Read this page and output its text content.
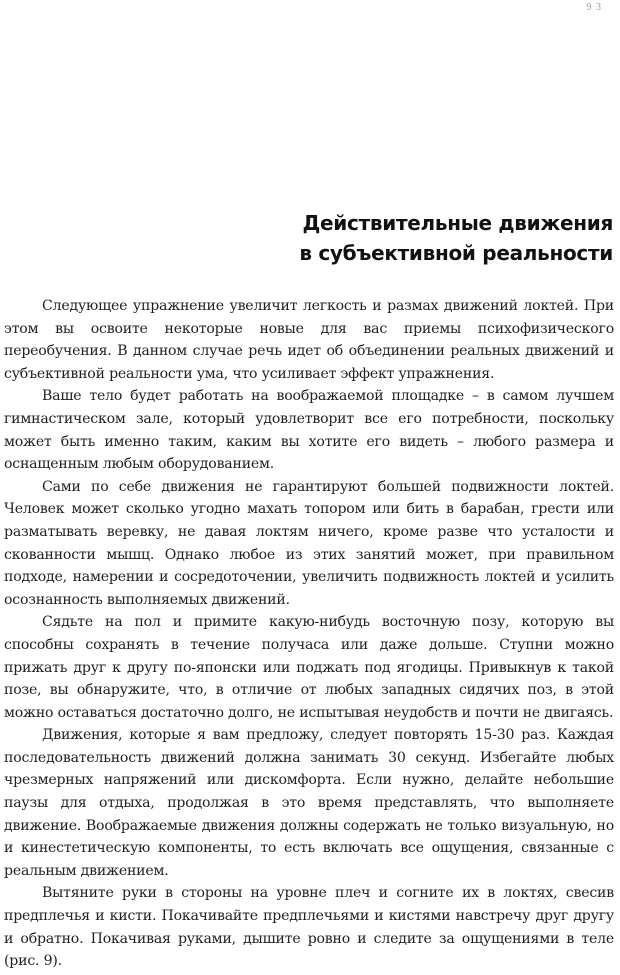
9 3
Действительные движения
в субъективной реальности

Следующее упражнение увеличит легкость и размах движений локтей. При этом вы освоите некоторые новые для вас приемы психофизического переобучения. В данном случае речь идет об объединении реальных движений и субъективной реальности ума, что усиливает эффект упражнения.

Ваше тело будет работать на воображаемой площадке – в самом лучшем гимнастическом зале, который удовлетворит все его потребности, поскольку может быть именно таким, каким вы хотите его видеть – любого размера и оснащенным любым оборудованием.

Сами по себе движения не гарантируют большей подвижности локтей. Человек может сколько угодно махать топором или бить в барабан, грести или разматывать веревку, не давая локтям ничего, кроме разве что усталости и скованности мышц. Однако любое из этих занятий может, при правильном подходе, намерении и сосредоточении, увеличить подвижность локтей и усилить осознанность выполняемых движений.

Сядьте на пол и примите какую-нибудь восточную позу, которую вы способны сохранять в течение получаса или даже дольше. Ступни можно прижать друг к другу по-японски или поджать под ягодицы. Привыкнув к такой позе, вы обнаружите, что, в отличие от любых западных сидячих поз, в этой можно оставаться достаточно долго, не испытывая неудобств и почти не двигаясь.

Движения, которые я вам предложу, следует повторять 15-30 раз. Каждая последовательность движений должна занимать 30 секунд. Избегайте любых чрезмерных напряжений или дискомфорта. Если нужно, делайте небольшие паузы для отдыха, продолжая в это время представлять, что выполняете движение. Воображаемые движения должны содержать не только визуальную, но и кинестетическую компоненты, то есть включать все ощущения, связанные с реальным движением.

Вытяните руки в стороны на уровне плеч и согните их в локтях, свесив предплечья и кисти. Покачивайте предплечьями и кистями навстречу друг другу и обратно. Покачивая руками, дышите ровно и следите за ощущениями в теле (рис. 9).
